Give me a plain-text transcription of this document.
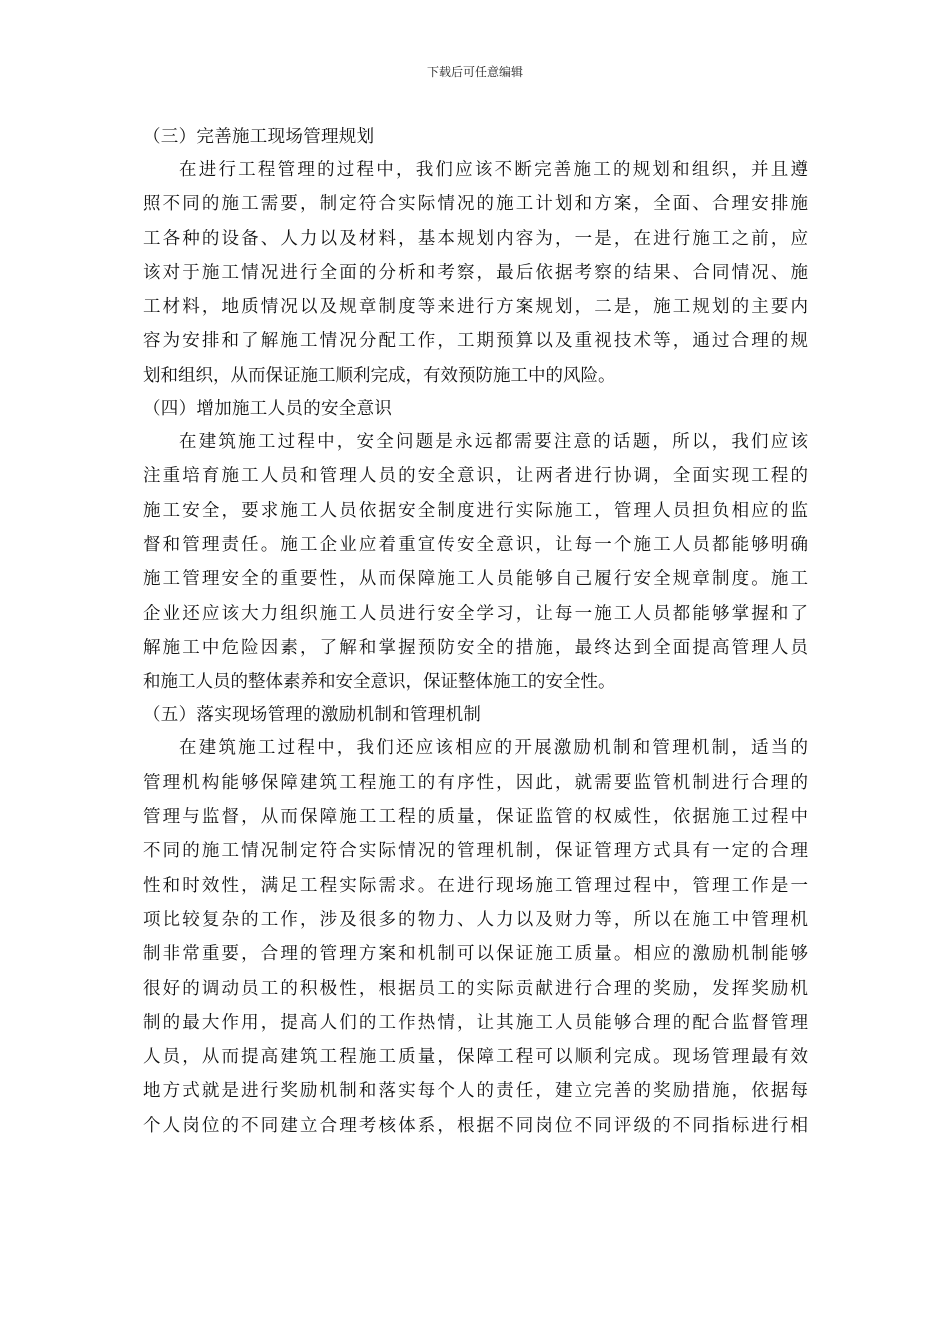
下载后可任意编辑

（三）完善施工现场管理规划

在进行工程管理的过程中，我们应该不断完善施工的规划和组织，并且遵
照不同的施工需要，制定符合实际情况的施工计划和方案，全面、合理安排施
工各种的设备、人力以及材料，基本规划内容为，一是，在进行施工之前，应
该对于施工情况进行全面的分析和考察，最后依据考察的结果、合同情况、施
工材料，地质情况以及规章制度等来进行方案规划，二是，施工规划的主要内
容为安排和了解施工情况分配工作，工期预算以及重视技术等，通过合理的规
划和组织，从而保证施工顺利完成，有效预防施工中的风险。

（四）增加施工人员的安全意识

在建筑施工过程中，安全问题是永远都需要注意的话题，所以，我们应该
注重培育施工人员和管理人员的安全意识，让两者进行协调，全面实现工程的
施工安全，要求施工人员依据安全制度进行实际施工，管理人员担负相应的监
督和管理责任。施工企业应着重宣传安全意识，让每一个施工人员都能够明确
施工管理安全的重要性，从而保障施工人员能够自己履行安全规章制度。施工
企业还应该大力组织施工人员进行安全学习，让每一施工人员都能够掌握和了
解施工中危险因素，了解和掌握预防安全的措施，最终达到全面提高管理人员
和施工人员的整体素养和安全意识，保证整体施工的安全性。

（五）落实现场管理的激励机制和管理机制

在建筑施工过程中，我们还应该相应的开展激励机制和管理机制，适当的
管理机构能够保障建筑工程施工的有序性，因此，就需要监管机制进行合理的
管理与监督，从而保障施工工程的质量，保证监管的权威性，依据施工过程中
不同的施工情况制定符合实际情况的管理机制，保证管理方式具有一定的合理
性和时效性，满足工程实际需求。在进行现场施工管理过程中，管理工作是一
项比较复杂的工作，涉及很多的物力、人力以及财力等，所以在施工中管理机
制非常重要，合理的管理方案和机制可以保证施工质量。相应的激励机制能够
很好的调动员工的积极性，根据员工的实际贡献进行合理的奖励，发挥奖励机
制的最大作用，提高人们的工作热情，让其施工人员能够合理的配合监督管理
人员，从而提高建筑工程施工质量，保障工程可以顺利完成。现场管理最有效
地方式就是进行奖励机制和落实每个人的责任，建立完善的奖励措施，依据每
个人岗位的不同建立合理考核体系，根据不同岗位不同评级的不同指标进行相
